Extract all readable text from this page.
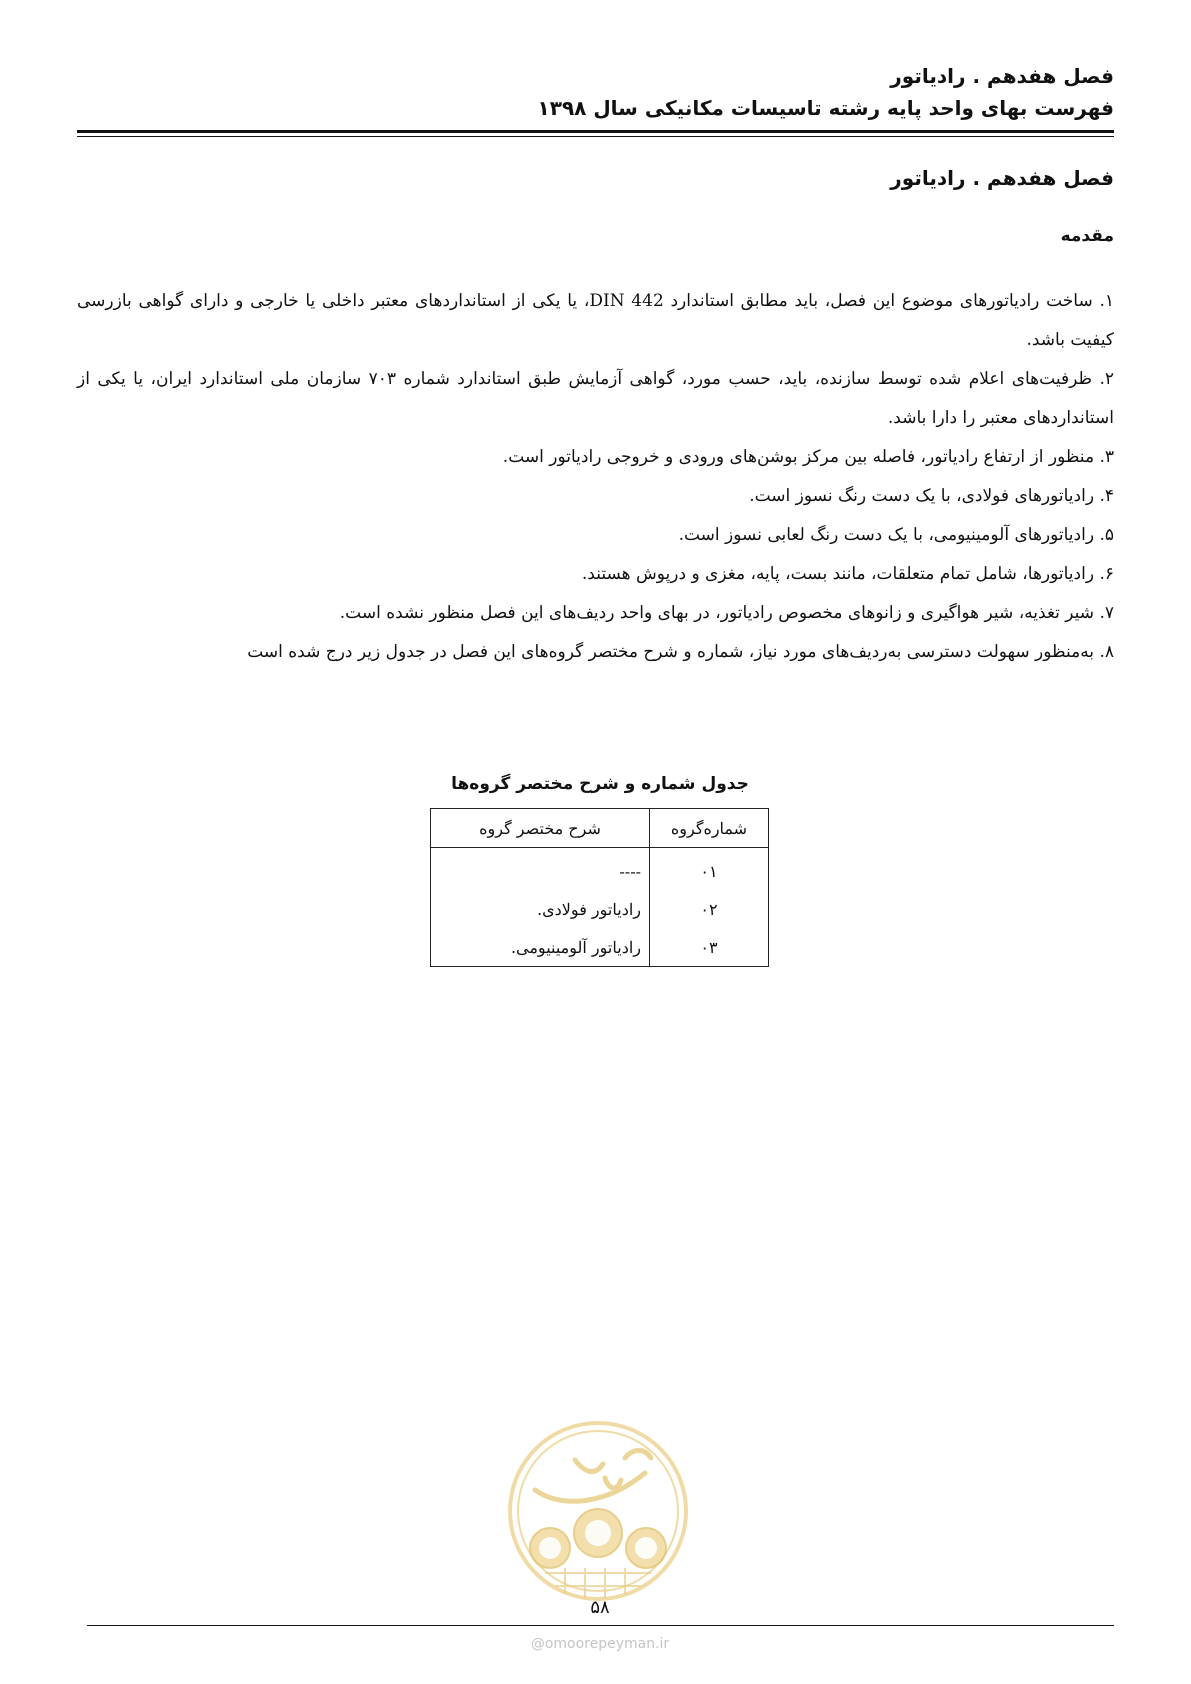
فصل هفدهم . رادیاتور
فهرست بهای واحد پایه رشته تاسیسات مکانیکی سال ۱۳۹۸
فصل هفدهم . رادیاتور
مقدمه

۱. ساخت رادیاتورهای موضوع این فصل، باید مطابق استاندارد DIN 442، یا یکی از استانداردهای معتبر داخلی یا خارجی و دارای گواهی بازرسی کیفیت باشد.

۲. ظرفیت‌های اعلام شده توسط سازنده، باید، حسب مورد، گواهی آزمایش طبق استاندارد شماره ۷۰۳ سازمان ملی استاندارد ایران، یا یکی از استانداردهای معتبر را دارا باشد.

۳. منظور از ارتفاع رادیاتور، فاصله بین مرکز بوشن‌های ورودی و خروجی رادیاتور است.

۴. رادیاتورهای فولادی، با یک دست رنگ نسوز است.

۵. رادیاتورهای آلومینیومی، با یک دست رنگ لعابی نسوز است.

۶. رادیاتورها، شامل تمام متعلقات، مانند بست، پایه، مغزی و درپوش هستند.

۷. شیر تغذیه، شیر هواگیری و زانوهای مخصوص رادیاتور، در بهای واحد ردیف‌های این فصل منظور نشده است.

۸. به‌منظور سهولت دسترسی به‌ردیف‌های مورد نیاز، شماره و شرح مختصر گروه‌های این فصل در جدول زیر درج شده است

جدول شماره و شرح مختصر گروه‌ها
شماره‌گروه	شرح مختصر گروه
۰۱	----
۰۲	رادیاتور فولادی.
۰۳	رادیاتور آلومینیومی.
۵۸
@omoorepeyman.ir
